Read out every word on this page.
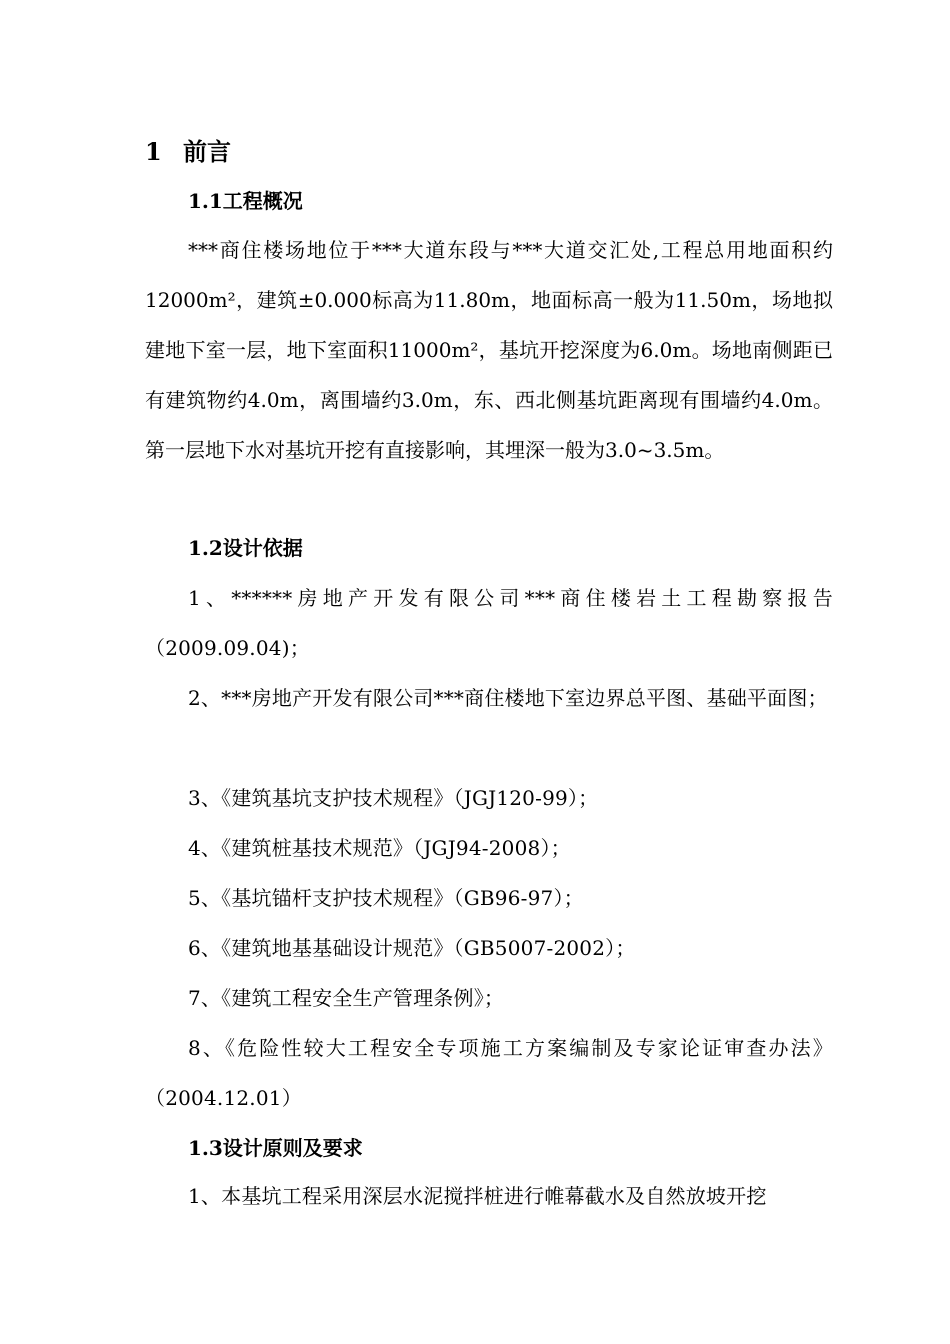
1 前言
1.1工程概况

***商住楼场地位于***大道东段与***大道交汇处,工程总用地面积约12000m²，建筑±0.000标高为11.80m，地面标高一般为11.50m，场地拟建地下室一层，地下室面积11000m²，基坑开挖深度为6.0m。场地南侧距已有建筑物约4.0m，离围墙约3.0m，东、西北侧基坑距离现有围墙约4.0m。第一层地下水对基坑开挖有直接影响，其埋深一般为3.0~3.5m。

1.2设计依据

1、******房地产开发有限公司***商住楼岩土工程勘察报告（2009.09.04)；

2、***房地产开发有限公司***商住楼地下室边界总平图、基础平面图；

3、《建筑基坑支护技术规程》（JGJ120-99）；

4、《建筑桩基技术规范》（JGJ94-2008）；

5、《基坑锚杆支护技术规程》（GB96-97）；

6、《建筑地基基础设计规范》（GB5007-2002）；

7、《建筑工程安全生产管理条例》；

8、《危险性较大工程安全专项施工方案编制及专家论证审查办法》（2004.12.01）

1.3设计原则及要求

1、本基坑工程采用深层水泥搅拌桩进行帷幕截水及自然放坡开挖
